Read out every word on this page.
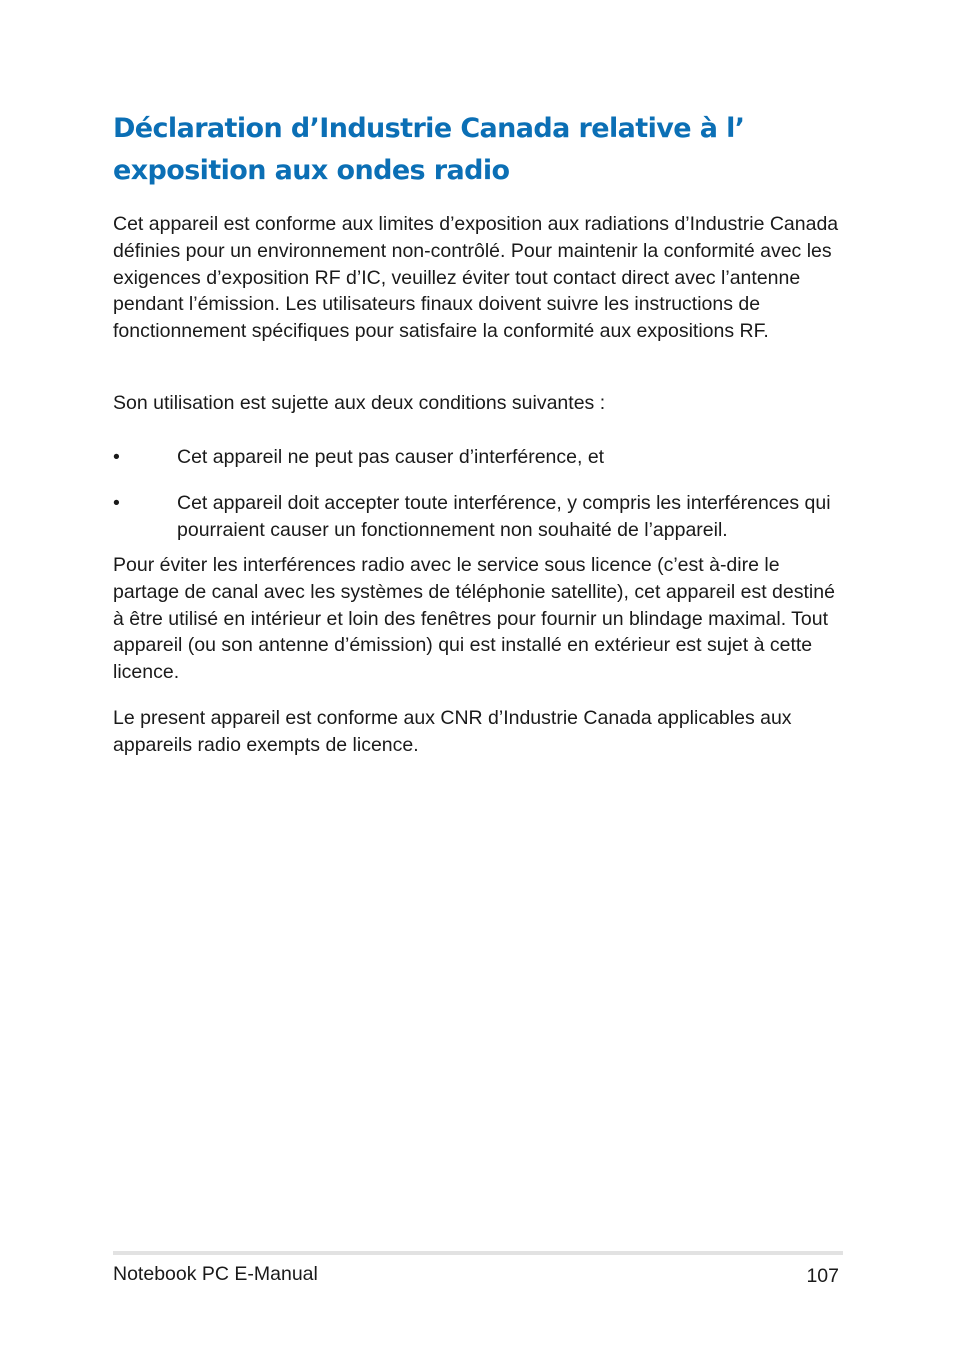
Déclaration d’Industrie Canada relative à l’ exposition aux ondes radio

Cet appareil est conforme aux limites d’exposition aux radiations d’Industrie Canada définies pour un environnement non-contrôlé. Pour maintenir la conformité avec les exigences d’exposition RF d’IC, veuillez éviter tout contact direct avec l’antenne pendant l’émission. Les utilisateurs finaux doivent suivre les instructions de fonctionnement spécifiques pour satisfaire la conformité aux expositions RF.

Son utilisation est sujette aux deux conditions suivantes :

•	Cet appareil ne peut pas causer d’interférence, et
•	Cet appareil doit accepter toute interférence, y compris les interférences qui pourraient causer un fonctionnement non souhaité de l’appareil.

Pour éviter les interférences radio avec le service sous licence (c’est à-dire le partage de canal avec les systèmes de téléphonie satellite), cet appareil est destiné à être utilisé en intérieur et loin des fenêtres pour fournir un blindage maximal. Tout appareil (ou son antenne d’émission) qui est installé en extérieur est sujet à cette licence.

Le present appareil est conforme aux CNR d’Industrie Canada applicables aux appareils radio exempts de licence.

Notebook PC E-Manual	107
